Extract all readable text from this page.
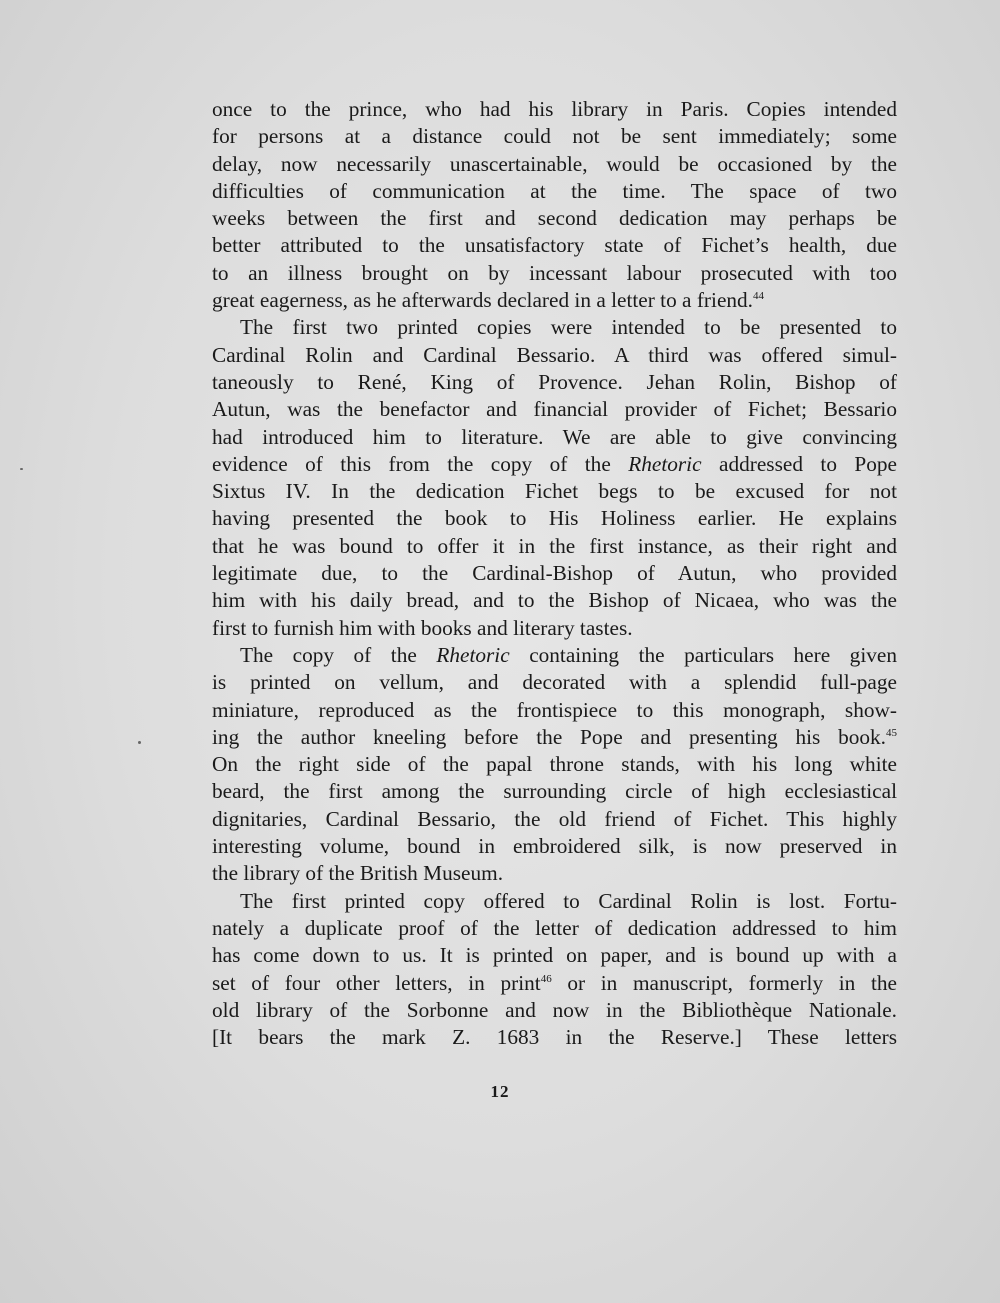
once to the prince, who had his library in Paris. Copies intended
for persons at a distance could not be sent immediately; some
delay, now necessarily unascertainable, would be occasioned by the
difficulties of communication at the time. The space of two
weeks between the first and second dedication may perhaps be
better attributed to the unsatisfactory state of Fichet’s health, due
to an illness brought on by incessant labour prosecuted with too
great eagerness, as he afterwards declared in a letter to a friend.$^{44}$
The first two printed copies were intended to be presented to
Cardinal Rolin and Cardinal Bessario. A third was offered simul-
taneously to René, King of Provence. Jehan Rolin, Bishop of
Autun, was the benefactor and financial provider of Fichet; Bessario
had introduced him to literature. We are able to give convincing
evidence of this from the copy of the Rhetoric addressed to Pope
Sixtus IV. In the dedication Fichet begs to be excused for not
having presented the book to His Holiness earlier. He explains
that he was bound to offer it in the first instance, as their right and
legitimate due, to the Cardinal-Bishop of Autun, who provided
him with his daily bread, and to the Bishop of Nicaea, who was the
first to furnish him with books and literary tastes.
The copy of the Rhetoric containing the particulars here given
is printed on vellum, and decorated with a splendid full-page
miniature, reproduced as the frontispiece to this monograph, show-
ing the author kneeling before the Pope and presenting his book.$^{45}$
On the right side of the papal throne stands, with his long white
beard, the first among the surrounding circle of high ecclesiastical
dignitaries, Cardinal Bessario, the old friend of Fichet. This highly
interesting volume, bound in embroidered silk, is now preserved in
the library of the British Museum.
The first printed copy offered to Cardinal Rolin is lost. Fortu-
nately a duplicate proof of the letter of dedication addressed to him
has come down to us. It is printed on paper, and is bound up with a
set of four other letters, in print$^{46}$ or in manuscript, formerly in the
old library of the Sorbonne and now in the Bibliothèque Nationale.
[It bears the mark Z. 1683 in the Reserve.] These letters
12
